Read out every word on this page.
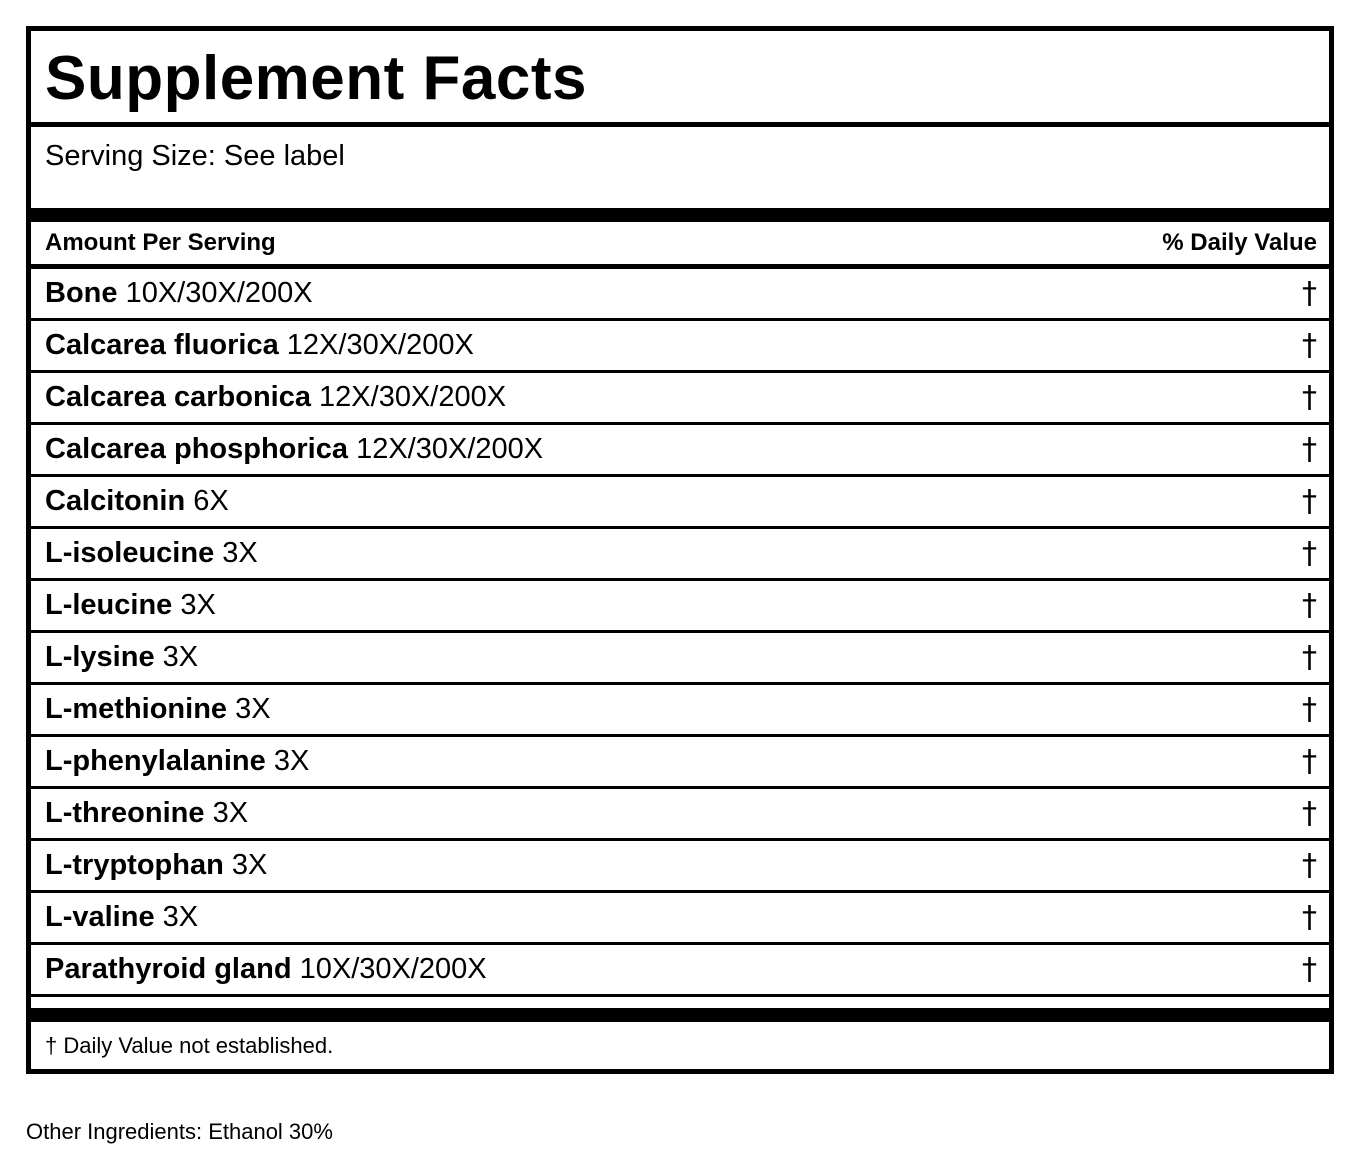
Supplement Facts
Serving Size: See label
Amount Per Serving	% Daily Value
Bone 10X/30X/200X	†
Calcarea fluorica 12X/30X/200X	†
Calcarea carbonica 12X/30X/200X	†
Calcarea phosphorica 12X/30X/200X	†
Calcitonin 6X	†
L-isoleucine 3X	†
L-leucine 3X	†
L-lysine 3X	†
L-methionine 3X	†
L-phenylalanine 3X	†
L-threonine 3X	†
L-tryptophan 3X	†
L-valine 3X	†
Parathyroid gland 10X/30X/200X	†
† Daily Value not established.
Other Ingredients: Ethanol 30%
